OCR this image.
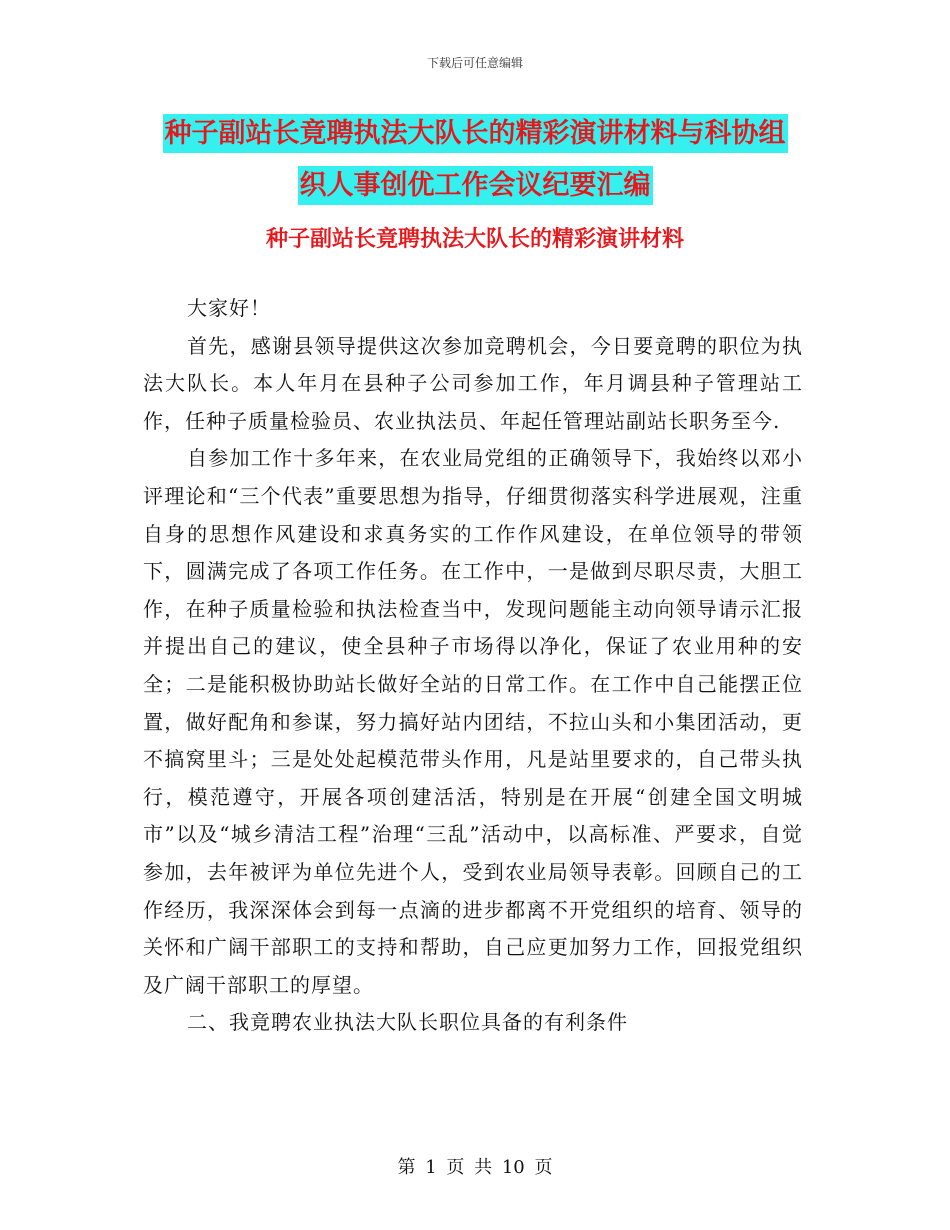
下载后可任意编辑
种子副站长竟聘执法大队长的精彩演讲材料与科协组
织人事创优工作会议纪要汇编
种子副站长竟聘执法大队长的精彩演讲材料

大家好！

首先，感谢县领导提供这次参加竞聘机会，今日要竟聘的职位为执法大队长。本人年月在县种子公司参加工作，年月调县种子管理站工作，任种子质量检验员、农业执法员、年起任管理站副站长职务至今.

自参加工作十多年来，在农业局党组的正确领导下，我始终以邓小评理论和“三个代表”重要思想为指导，仔细贯彻落实科学进展观，注重自身的思想作风建设和求真务实的工作作风建设，在单位领导的带领下，圆满完成了各项工作任务。在工作中，一是做到尽职尽责，大胆工作，在种子质量检验和执法检查当中，发现问题能主动向领导请示汇报并提出自己的建议，使全县种子市场得以净化，保证了农业用种的安全；二是能积极协助站长做好全站的日常工作。在工作中自己能摆正位置，做好配角和参谋，努力搞好站内团结，不拉山头和小集团活动，更不搞窝里斗；三是处处起模范带头作用，凡是站里要求的，自己带头执行，模范遵守，开展各项创建活活，特别是在开展“创建全国文明城市”以及“城乡清洁工程”治理“三乱”活动中，以高标准、严要求，自觉参加，去年被评为单位先进个人，受到农业局领导表彰。回顾自己的工作经历，我深深体会到每一点滴的进步都离不开党组织的培育、领导的关怀和广阔干部职工的支持和帮助，自己应更加努力工作，回报党组织及广阔干部职工的厚望。

二、我竟聘农业执法大队长职位具备的有利条件

第 1 页 共 10 页
